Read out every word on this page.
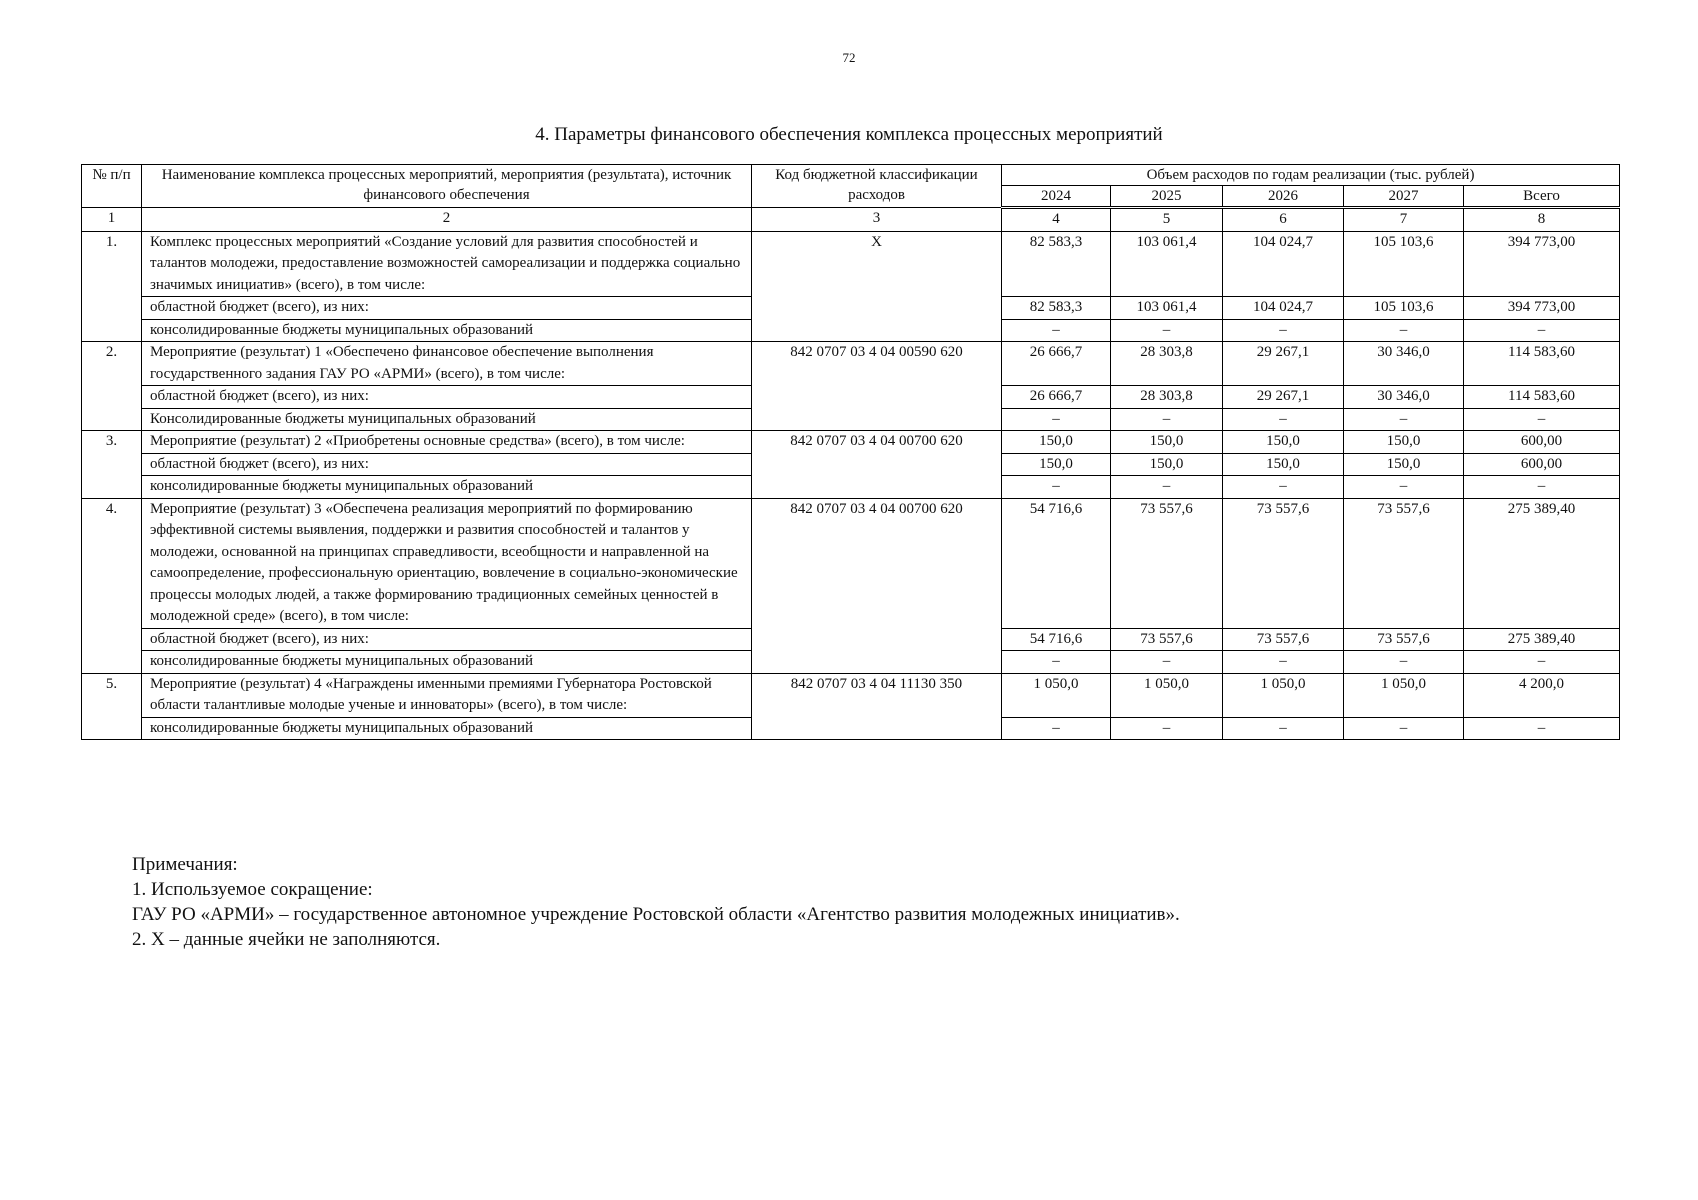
72
4. Параметры финансового обеспечения комплекса процессных мероприятий
№ п/п	Наименование комплекса процессных мероприятий, мероприятия (результата), источник финансового обеспечения	Код бюджетной классификации расходов	Объем расходов по годам реализации (тыс. рублей)				
			2024	2025	2026	2027	Всего
1	2	3	4	5	6	7	8
1.	Комплекс процессных мероприятий «Создание условий для развития способностей и талантов молодежи, предоставление возможностей самореализации и поддержка социально значимых инициатив» (всего), в том числе:	X	82 583,3	103 061,4	104 024,7	105 103,6	394 773,00
	областной бюджет (всего), из них:		82 583,3	103 061,4	104 024,7	105 103,6	394 773,00
	консолидированные бюджеты муниципальных образований		–	–	–	–	–
2.	Мероприятие (результат) 1 «Обеспечено финансовое обеспечение выполнения государственного задания ГАУ РО «АРМИ» (всего), в том числе:	842 0707 03 4 04 00590 620	26 666,7	28 303,8	29 267,1	30 346,0	114 583,60
	областной бюджет (всего), из них:		26 666,7	28 303,8	29 267,1	30 346,0	114 583,60
	Консолидированные бюджеты муниципальных образований		–	–	–	–	–
3.	Мероприятие (результат) 2 «Приобретены основные средства» (всего), в том числе:	842 0707 03 4 04 00700 620	150,0	150,0	150,0	150,0	600,00
	областной бюджет (всего), из них:		150,0	150,0	150,0	150,0	600,00
	консолидированные бюджеты муниципальных образований		–	–	–	–	–
4.	Мероприятие (результат) 3 «Обеспечена реализация мероприятий по формированию эффективной системы выявления, поддержки и развития способностей и талантов у молодежи, основанной на принципах справедливости, всеобщности и направленной на самоопределение, профессиональную ориентацию, вовлечение в социально-экономические процессы молодых людей, а также формированию традиционных семейных ценностей в молодежной среде» (всего), в том числе:	842 0707 03 4 04 00700 620	54 716,6	73 557,6	73 557,6	73 557,6	275 389,40
	областной бюджет (всего), из них:		54 716,6	73 557,6	73 557,6	73 557,6	275 389,40
	консолидированные бюджеты муниципальных образований		–	–	–	–	–
5.	Мероприятие (результат) 4 «Награждены именными премиями Губернатора Ростовской области талантливые молодые ученые и инноваторы» (всего), в том числе:	842 0707 03 4 04 11130 350	1 050,0	1 050,0	1 050,0	1 050,0	4 200,0
	консолидированные бюджеты муниципальных образований		–	–	–	–	–
Примечания:
1. Используемое сокращение:
ГАУ РО «АРМИ» – государственное автономное учреждение Ростовской области «Агентство развития молодежных инициатив».
2. X – данные ячейки не заполняются.
